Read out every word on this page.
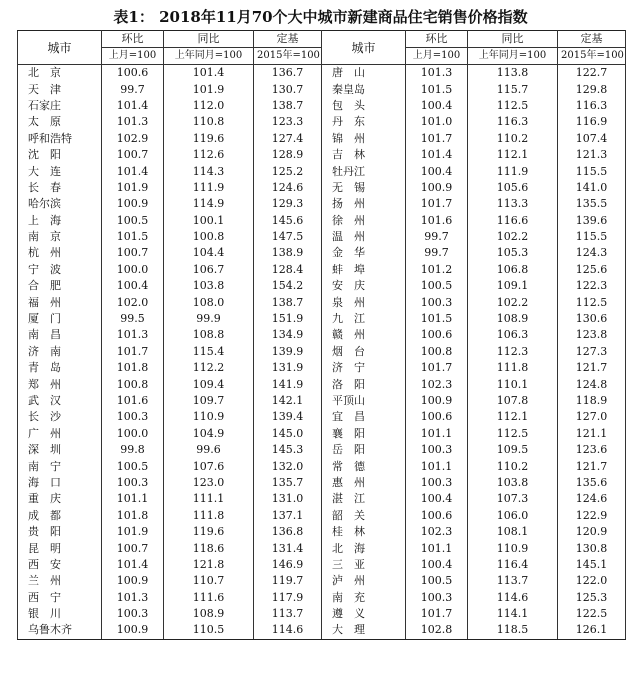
表1： 2018年11月70个大中城市新建商品住宅销售价格指数
城市	环比	同比	定基	城市	环比	同比	定基
	上月=100	上年同月=100	2015年=100		上月=100	上年同月=100	2015年=100
北　京	100.6	101.4	136.7	唐　山	101.3	113.8	122.7
天　津	99.7	101.9	130.7	秦皇岛	101.5	115.7	129.8
石家庄	101.4	112.0	138.7	包　头	100.4	112.5	116.3
太　原	101.3	110.8	123.3	丹　东	101.0	116.3	116.9
呼和浩特	102.9	119.6	127.4	锦　州	101.7	110.2	107.4
沈　阳	100.7	112.6	128.9	吉　林	101.4	112.1	121.3
大　连	101.4	114.3	125.2	牡丹江	100.4	111.9	115.5
长　春	101.9	111.9	124.6	无　锡	100.9	105.6	141.0
哈尔滨	100.9	114.9	129.3	扬　州	101.7	113.3	135.5
上　海	100.5	100.1	145.6	徐　州	101.6	116.6	139.6
南　京	101.5	100.8	147.5	温　州	99.7	102.2	115.5
杭　州	100.7	104.4	138.9	金　华	99.7	105.3	124.3
宁　波	100.0	106.7	128.4	蚌　埠	101.2	106.8	125.6
合　肥	100.4	103.8	154.2	安　庆	100.5	109.1	122.3
福　州	102.0	108.0	138.7	泉　州	100.3	102.2	112.5
厦　门	99.5	99.9	151.9	九　江	101.5	108.9	130.6
南　昌	101.3	108.8	134.9	赣　州	100.6	106.3	123.8
济　南	101.7	115.4	139.9	烟　台	100.8	112.3	127.3
青　岛	101.8	112.2	131.9	济　宁	101.7	111.8	121.7
郑　州	100.8	109.4	141.9	洛　阳	102.3	110.1	124.8
武　汉	101.6	109.7	142.1	平顶山	100.9	107.8	118.9
长　沙	100.3	110.9	139.4	宜　昌	100.6	112.1	127.0
广　州	100.0	104.9	145.0	襄　阳	101.1	112.5	121.1
深　圳	99.8	99.6	145.3	岳　阳	100.3	109.5	123.6
南　宁	100.5	107.6	132.0	常　德	101.1	110.2	121.7
海　口	100.3	123.0	135.7	惠　州	100.3	103.8	135.6
重　庆	101.1	111.1	131.0	湛　江	100.4	107.3	124.6
成　都	101.8	111.8	137.1	韶　关	100.6	106.0	122.9
贵　阳	101.9	119.6	136.8	桂　林	102.3	108.1	120.9
昆　明	100.7	118.6	131.4	北　海	101.1	110.9	130.8
西　安	101.4	121.8	146.9	三　亚	100.4	116.4	145.1
兰　州	100.9	110.7	119.7	泸　州	100.5	113.7	122.0
西　宁	101.3	111.6	117.9	南　充	100.3	114.6	125.3
银　川	100.3	108.9	113.7	遵　义	101.7	114.1	122.5
乌鲁木齐	100.9	110.5	114.6	大　理	102.8	118.5	126.1
